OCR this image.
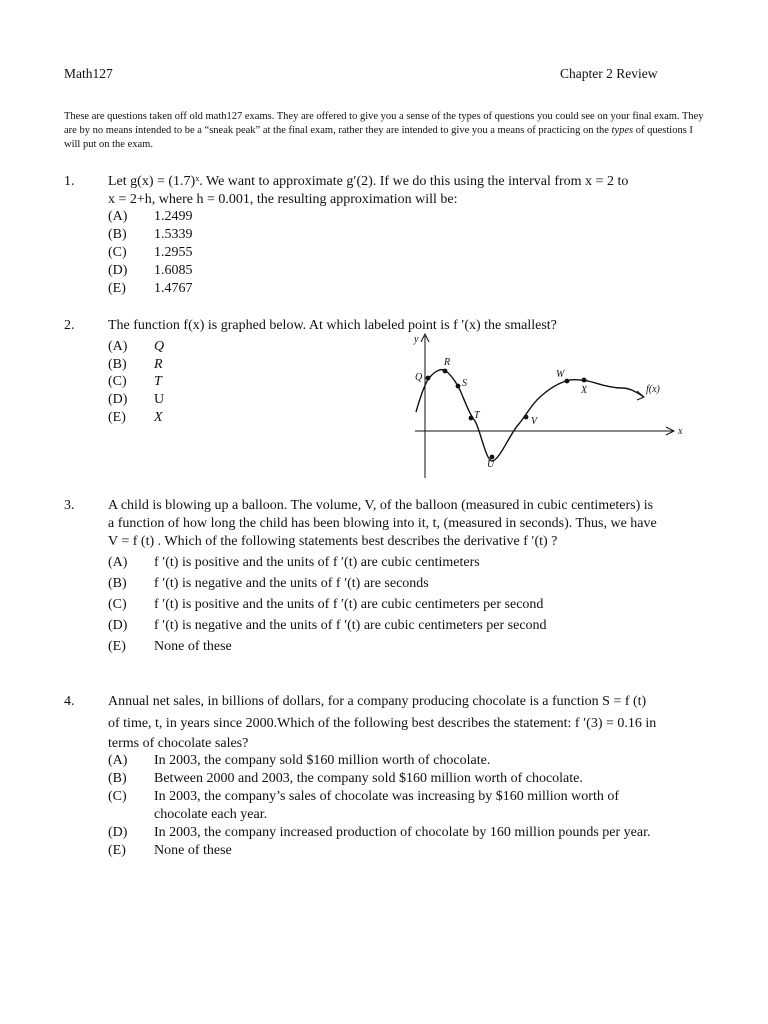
Math127	Chapter 2 Review
These are questions taken off old math127 exams. They are offered to give you a sense of the types of questions you could see on your final exam. They are by no means intended to be a “sneak peak” at the final exam, rather they are intended to give you a means of practicing on the types of questions I will put on the exam.
1. Let g(x) = (1.7)ˣ. We want to approximate g′(2). If we do this using the interval from x = 2 to
x = 2+h, where h = 0.001, the resulting approximation will be:
(A) 1.2499
(B) 1.5339
(C) 1.2955
(D) 1.6085
(E) 1.4767
2. The function f(x) is graphed below. At which labeled point is f ′(x) the smallest?
(A) Q
(B) R
(C) T
(D) U
(E) X
y
x
f(x)
Q
R
S
T
U
V
W
X
3. A child is blowing up a balloon. The volume, V, of the balloon (measured in cubic centimeters) is
a function of how long the child has been blowing into it, t, (measured in seconds). Thus, we have
V = f (t) . Which of the following statements best describes the derivative f ′(t) ?
(A) f ′(t) is positive and the units of f ′(t) are cubic centimeters
(B) f ′(t) is negative and the units of f ′(t) are seconds
(C) f ′(t) is positive and the units of f ′(t) are cubic centimeters per second
(D) f ′(t) is negative and the units of f ′(t) are cubic centimeters per second
(E) None of these
4. Annual net sales, in billions of dollars, for a company producing chocolate is a function S = f (t)
of time, t, in years since 2000.Which of the following best describes the statement: f ′(3) = 0.16 in
terms of chocolate sales?
(A) In 2003, the company sold $160 million worth of chocolate.
(B) Between 2000 and 2003, the company sold $160 million worth of chocolate.
(C) In 2003, the company’s sales of chocolate was increasing by $160 million worth of
chocolate each year.
(D) In 2003, the company increased production of chocolate by 160 million pounds per year.
(E) None of these
